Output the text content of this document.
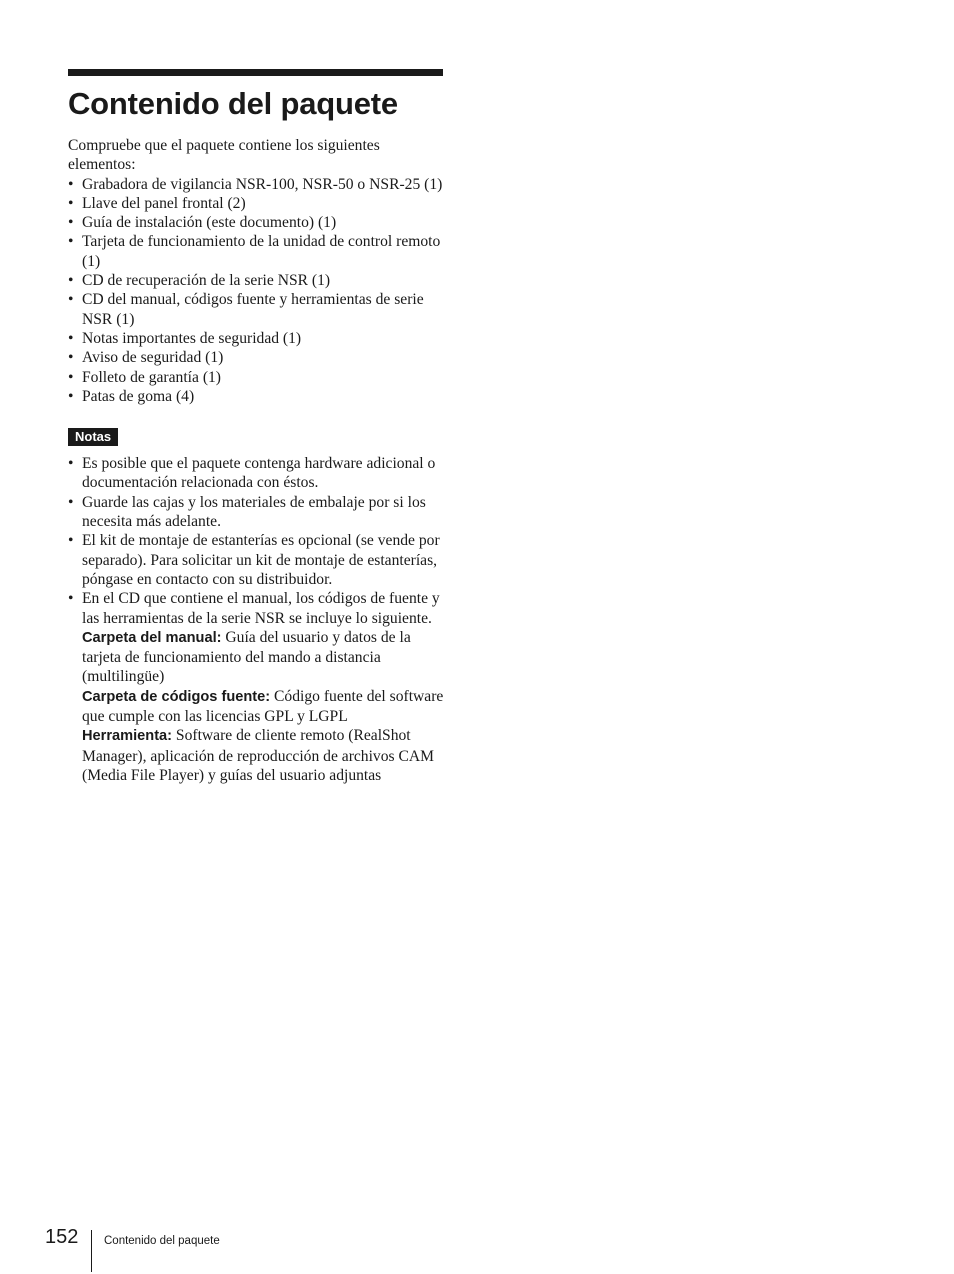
Contenido del paquete

Compruebe que el paquete contiene los siguientes elementos:

• Grabadora de vigilancia NSR-100, NSR-50 o NSR-25 (1)
• Llave del panel frontal (2)
• Guía de instalación (este documento) (1)
• Tarjeta de funcionamiento de la unidad de control remoto (1)
• CD de recuperación de la serie NSR (1)
• CD del manual, códigos fuente y herramientas de serie NSR (1)
• Notas importantes de seguridad (1)
• Aviso de seguridad (1)
• Folleto de garantía (1)
• Patas de goma (4)
Notas
• Es posible que el paquete contenga hardware adicional o documentación relacionada con éstos.
• Guarde las cajas y los materiales de embalaje por si los necesita más adelante.
• El kit de montaje de estanterías es opcional (se vende por separado). Para solicitar un kit de montaje de estanterías, póngase en contacto con su distribuidor.
• En el CD que contiene el manual, los códigos de fuente y las herramientas de la serie NSR se incluye lo siguiente.
Carpeta del manual: Guía del usuario y datos de la tarjeta de funcionamiento del mando a distancia (multilingüe)
Carpeta de códigos fuente: Código fuente del software que cumple con las licencias GPL y LGPL
Herramienta: Software de cliente remoto (RealShot Manager), aplicación de reproducción de archivos CAM (Media File Player) y guías del usuario adjuntas
152 Contenido del paquete
